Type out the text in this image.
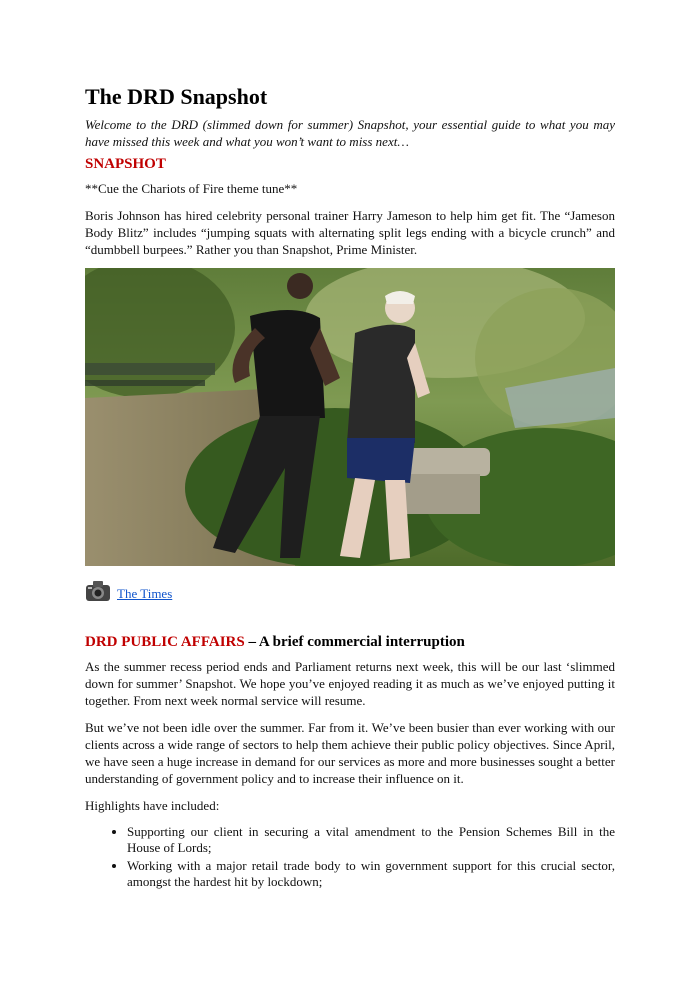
The DRD Snapshot

Welcome to the DRD (slimmed down for summer) Snapshot, your essential guide to what you may have missed this week and what you won’t want to miss next…

SNAPSHOT

**Cue the Chariots of Fire theme tune**

Boris Johnson has hired celebrity personal trainer Harry Jameson to help him get fit. The “Jameson Body Blitz” includes “jumping squats with alternating split legs ending with a bicycle crunch” and “dumbbell burpees.” Rather you than Snapshot, Prime Minister.

The Times
DRD PUBLIC AFFAIRS – A brief commercial interruption

As the summer recess period ends and Parliament returns next week, this will be our last ‘slimmed down for summer’ Snapshot. We hope you’ve enjoyed reading it as much as we’ve enjoyed putting it together. From next week normal service will resume.

But we’ve not been idle over the summer. Far from it. We’ve been busier than ever working with our clients across a wide range of sectors to help them achieve their public policy objectives. Since April, we have seen a huge increase in demand for our services as more and more businesses sought a better understanding of government policy and to increase their influence on it.

Highlights have included:

• Supporting our client in securing a vital amendment to the Pension Schemes Bill in the House of Lords;
• Working with a major retail trade body to win government support for this crucial sector, amongst the hardest hit by lockdown;
